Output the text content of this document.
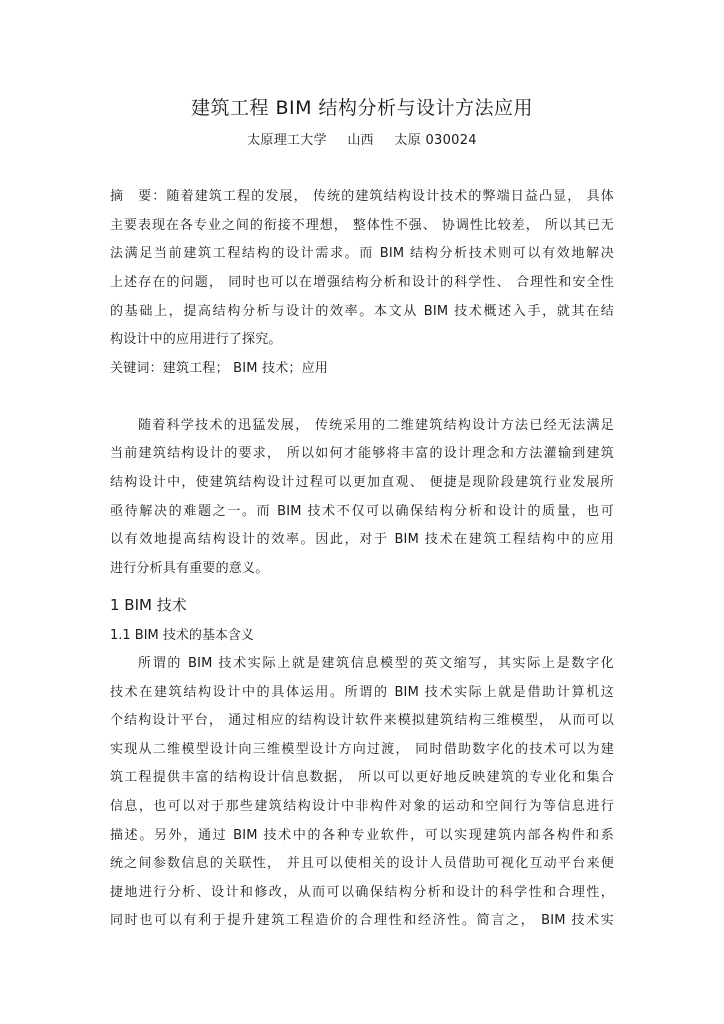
建筑工程 BIM 结构分析与设计方法应用
太原理工大学 山西 太原 030024
摘　要：随着建筑工程的发展， 传统的建筑结构设计技术的弊端日益凸显， 具体
主要表现在各专业之间的衔接不理想， 整体性不强、 协调性比较差， 所以其已无
法满足当前建筑工程结构的设计需求。而 BIM 结构分析技术则可以有效地解决
上述存在的问题， 同时也可以在增强结构分析和设计的科学性、 合理性和安全性
的基础上，提高结构分析与设计的效率。本文从 BIM 技术概述入手，就其在结
构设计中的应用进行了探究。
关键词：建筑工程； BIM 技术；应用
随着科学技术的迅猛发展， 传统采用的二维建筑结构设计方法已经无法满足
当前建筑结构设计的要求， 所以如何才能够将丰富的设计理念和方法灌输到建筑
结构设计中，使建筑结构设计过程可以更加直观、 便捷是现阶段建筑行业发展所
亟待解决的难题之一。而 BIM 技术不仅可以确保结构分析和设计的质量，也可
以有效地提高结构设计的效率。因此，对于 BIM 技术在建筑工程结构中的应用
进行分析具有重要的意义。
1 BIM 技术
1.1 BIM 技术的基本含义
所谓的 BIM 技术实际上就是建筑信息模型的英文缩写，其实际上是数字化
技术在建筑结构设计中的具体运用。所谓的 BIM 技术实际上就是借助计算机这
个结构设计平台， 通过相应的结构设计软件来模拟建筑结构三维模型， 从而可以
实现从二维模型设计向三维模型设计方向过渡， 同时借助数字化的技术可以为建
筑工程提供丰富的结构设计信息数据， 所以可以更好地反映建筑的专业化和集合
信息，也可以对于那些建筑结构设计中非构件对象的运动和空间行为等信息进行
描述。另外，通过 BIM 技术中的各种专业软件，可以实现建筑内部各构件和系
统之间参数信息的关联性， 并且可以使相关的设计人员借助可视化互动平台来便
捷地进行分析、设计和修改，从而可以确保结构分析和设计的科学性和合理性，
同时也可以有利于提升建筑工程造价的合理性和经济性。简言之， BIM 技术实
